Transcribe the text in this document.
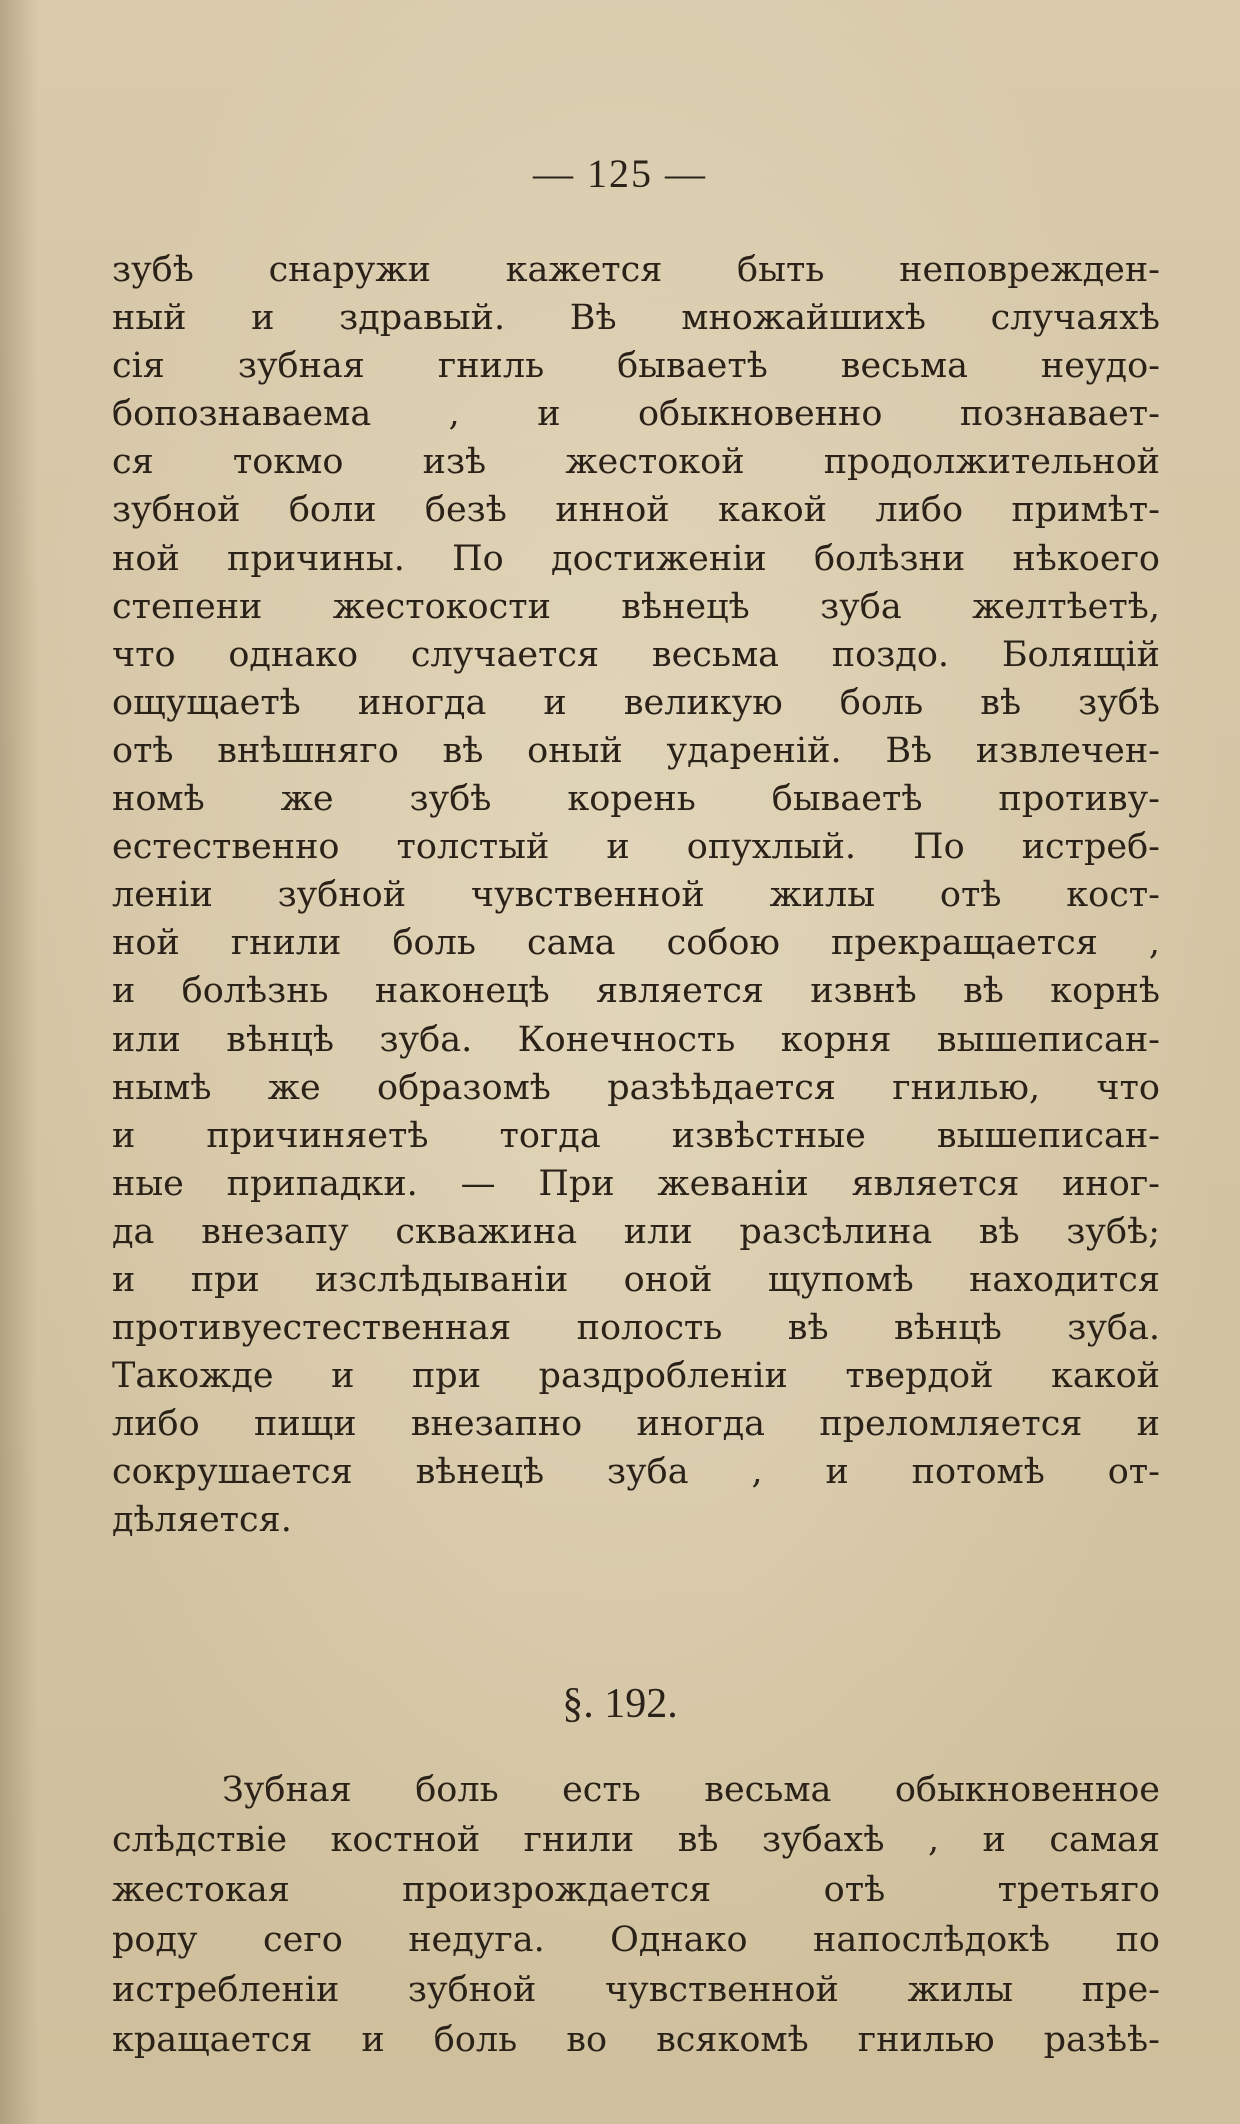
— 125 —
зубѣ снаружи кажется быть неповрежден-
ный и здравый. Вѣ множайшихѣ случаяхѣ
сія зубная гниль бываетѣ весьма неудо-
бопознаваема , и обыкновенно познавает-
ся токмо изѣ жестокой продолжительной
зубной боли безѣ инной какой либо примѣт-
ной причины. По достиженіи болѣзни нѣкоего
степени жестокости вѣнецѣ зуба желтѣетѣ,
что однако случается весьма поздо. Болящій
ощущаетѣ иногда и великую боль вѣ зубѣ
отѣ внѣшняго вѣ оный удареній. Вѣ извлечен-
номѣ же зубѣ корень бываетѣ противу-
естественно толстый и опухлый. По истреб-
леніи зубной чувственной жилы отѣ кост-
ной гнили боль сама собою прекращается ,
и болѣзнь наконецѣ является извнѣ вѣ корнѣ
или вѣнцѣ зуба. Конечность корня вышеписан-
нымѣ же образомѣ разѣѣдается гнилью, что
и причиняетѣ тогда извѣстные вышеписан-
ные припадки. — При жеваніи является иног-
да внезапу скважина или разсѣлина вѣ зубѣ;
и при изслѣдываніи оной щупомѣ находится
противуестественная полость вѣ вѣнцѣ зуба.
Такожде и при раздробленіи твердой какой
либо пищи внезапно иногда преломляется и
сокрушается вѣнецѣ зуба , и потомѣ от-
дѣляется.
§. 192.
Зубная боль есть весьма обыкновенное
слѣдствіе костной гнили вѣ зубахѣ , и самая
жестокая произрождается отѣ третьяго
роду сего недуга. Однако напослѣдокѣ по
истребленіи зубной чувственной жилы пре-
кращается и боль во всякомѣ гнилью разѣѣ-
